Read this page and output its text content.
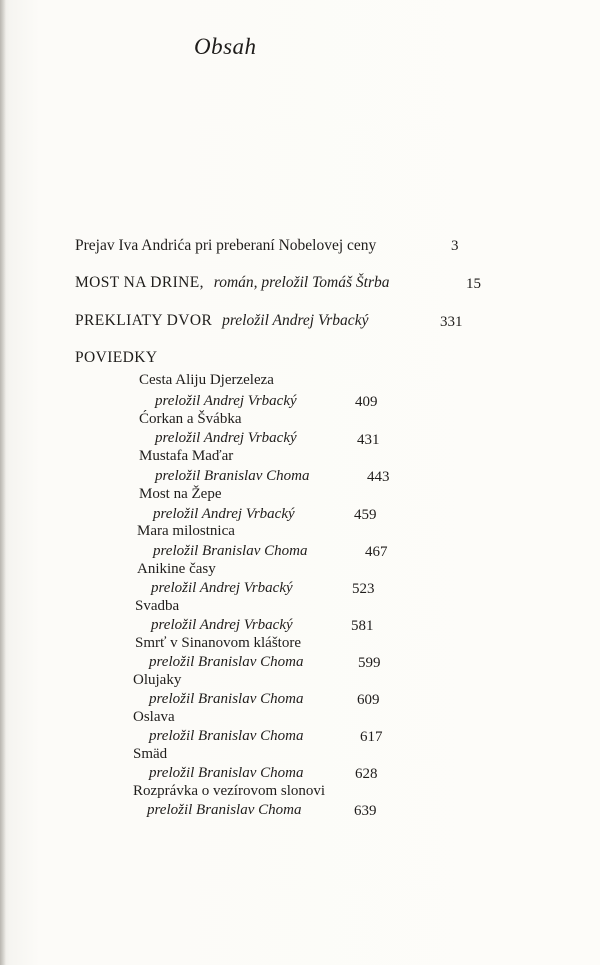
Obsah
Prejav Iva Andrića pri preberaní Nobelovej ceny	3
MOST NA DRINE, román, preložil Tomáš Štrba	15
PREKLIATY DVOR preložil Andrej Vrbacký	331
POVIEDKY
Cesta Aliju Djerzeleza
preložil Andrej Vrbacký	409
Ćorkan a Švábka
preložil Andrej Vrbacký	431
Mustafa Maďar
preložil Branislav Choma	443
Most na Žepe
preložil Andrej Vrbacký	459
Mara milostnica
preložil Branislav Choma	467
Anikine časy
preložil Andrej Vrbacký	523
Svadba
preložil Andrej Vrbacký	581
Smrť v Sinanovom kláštore
preložil Branislav Choma	599
Olujaky
preložil Branislav Choma	609
Oslava
preložil Branislav Choma	617
Smäd
preložil Branislav Choma	628
Rozprávka o vezírovom slonovi
preložil Branislav Choma	639
